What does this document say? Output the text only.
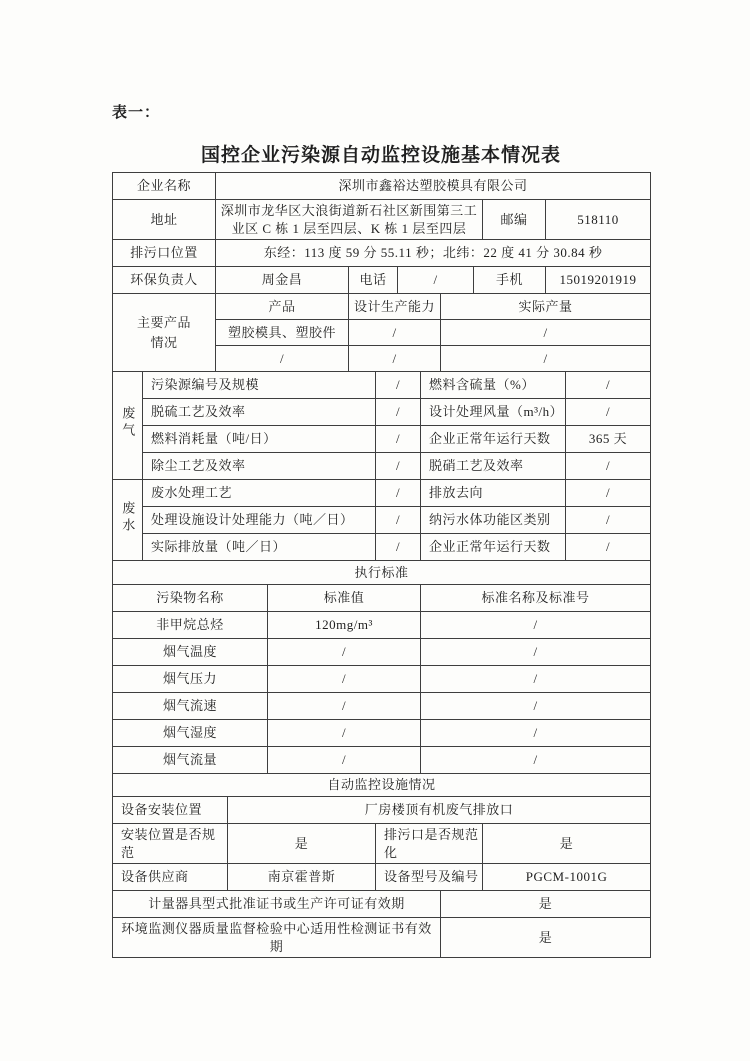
表一：
国控企业污染源自动监控设施基本情况表
企业名称		深圳市鑫裕达塑胶模具有限公司											
地址		深圳市龙华区大浪街道新石社区新围第三工业区 C 栋 1 层至四层、K 栋 1 层至四层									邮编	518110	
排污口位置		东经：113 度 59 分 55.11 秒；北纬：22 度 41 分 30.84 秒											
环保负责人		周金昌			电话		/			手机		15019201919	
主要产品情况		产品			设计生产能力				实际产量				
		塑胶模具、塑胶件			/				/				
		/			/				/				
废气	污染源编号及规模					/		燃料含硫量（%）					/
	脱硫工艺及效率					/		设计处理风量（m³/h）					/
	燃料消耗量（吨/日）					/		企业正常年运行天数					365 天
	除尘工艺及效率					/		脱硝工艺及效率					/
废水	废水处理工艺					/		排放去向					/
	处理设施设计处理能力（吨／日）					/		纳污水体功能区类别					/
	实际排放量（吨／日）					/		企业正常年运行天数					/
执行标准													
污染物名称				标准值				标准名称及标准号					
非甲烷总烃				120mg/m³				/					
烟气温度				/				/					
烟气压力				/				/					
烟气流速				/				/					
烟气湿度				/				/					
烟气流量				/				/					
自动监控设施情况													
设备安装位置			厂房楼顶有机废气排放口										
安装位置是否规范			是			排污口是否规范化					是		
设备供应商			南京霍普斯			设备型号及编号					PGCM-1001G		
计量器具型式批准证书或生产许可证有效期									是				
环境监测仪器质量监督检验中心适用性检测证书有效期									是				
